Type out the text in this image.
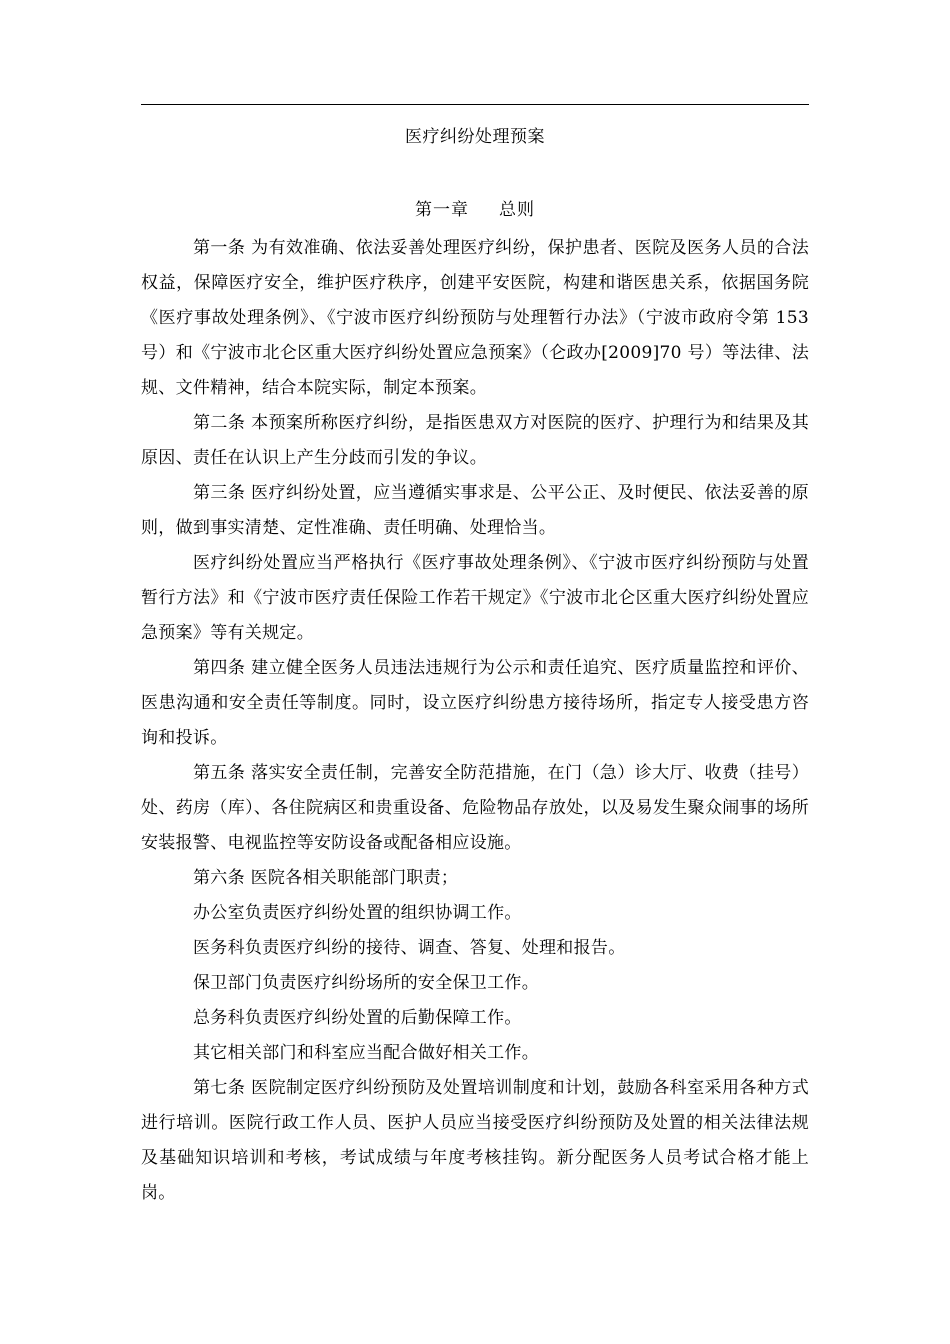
医疗纠纷处理预案
第一章 总则

第一条 为有效准确、依法妥善处理医疗纠纷，保护患者、医院及医务人员的合法权益，保障医疗安全，维护医疗秩序，创建平安医院，构建和谐医患关系，依据国务院《医疗事故处理条例》、《宁波市医疗纠纷预防与处理暂行办法》（宁波市政府令第 153 号）和《宁波市北仑区重大医疗纠纷处置应急预案》（仑政办[2009]70 号）等法律、法规、文件精神，结合本院实际，制定本预案。

第二条 本预案所称医疗纠纷，是指医患双方对医院的医疗、护理行为和结果及其原因、责任在认识上产生分歧而引发的争议。

第三条 医疗纠纷处置，应当遵循实事求是、公平公正、及时便民、依法妥善的原则，做到事实清楚、定性准确、责任明确、处理恰当。

医疗纠纷处置应当严格执行《医疗事故处理条例》、《宁波市医疗纠纷预防与处置暂行方法》和《宁波市医疗责任保险工作若干规定》《宁波市北仑区重大医疗纠纷处置应急预案》等有关规定。

第四条 建立健全医务人员违法违规行为公示和责任追究、医疗质量监控和评价、医患沟通和安全责任等制度。同时，设立医疗纠纷患方接待场所，指定专人接受患方咨询和投诉。

第五条 落实安全责任制，完善安全防范措施，在门（急）诊大厅、收费（挂号）处、药房（库）、各住院病区和贵重设备、危险物品存放处，以及易发生聚众闹事的场所安装报警、电视监控等安防设备或配备相应设施。

第六条 医院各相关职能部门职责；

办公室负责医疗纠纷处置的组织协调工作。

医务科负责医疗纠纷的接待、调查、答复、处理和报告。

保卫部门负责医疗纠纷场所的安全保卫工作。

总务科负责医疗纠纷处置的后勤保障工作。

其它相关部门和科室应当配合做好相关工作。

第七条 医院制定医疗纠纷预防及处置培训制度和计划，鼓励各科室采用各种方式进行培训。医院行政工作人员、医护人员应当接受医疗纠纷预防及处置的相关法律法规及基础知识培训和考核，考试成绩与年度考核挂钩。新分配医务人员考试合格才能上岗。
